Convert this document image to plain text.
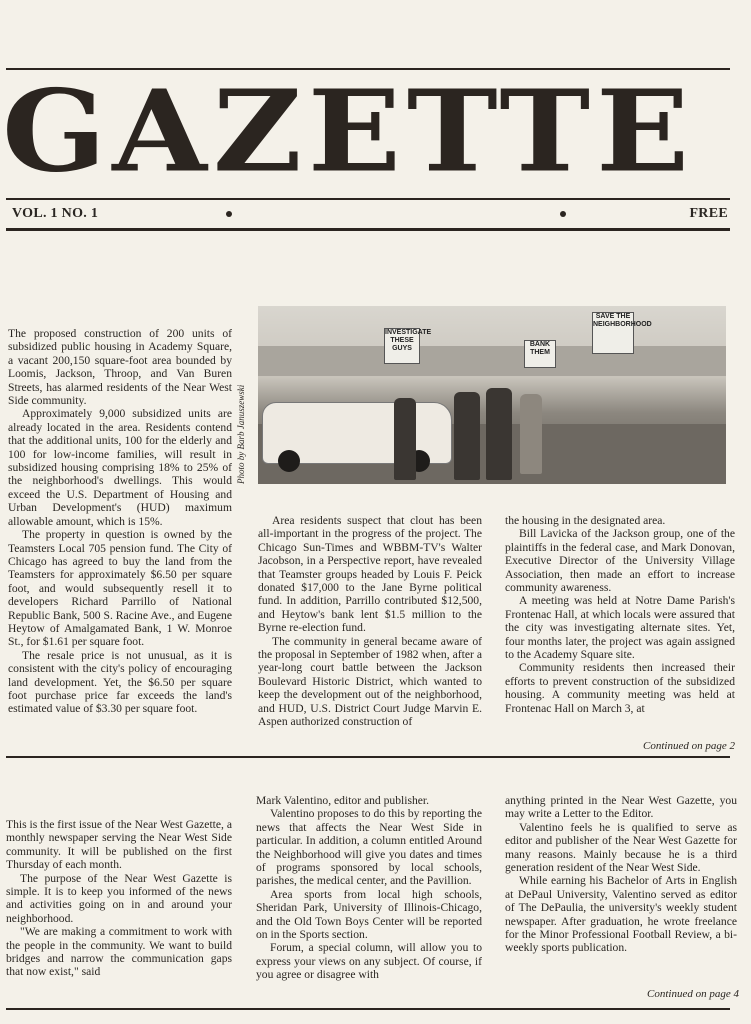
GAZETTE
VOL. 1 NO. 1	FREE

The proposed construction of 200 units of subsidized public housing in Academy Square, a vacant 200,150 square-foot area bounded by Loomis, Jackson, Throop, and Van Buren Streets, has alarmed residents of the Near West Side community.

Approximately 9,000 subsidized units are already located in the area. Residents contend that the additional units, 100 for the elderly and 100 for low-income families, will result in subsidized housing comprising 18% to 25% of the neighborhood's dwellings. This would exceed the U.S. Department of Housing and Urban Development's (HUD) maximum allowable amount, which is 15%.

The property in question is owned by the Teamsters Local 705 pension fund. The City of Chicago has agreed to buy the land from the Teamsters for approximately $6.50 per square foot, and would subsequently resell it to developers Richard Parrillo of National Republic Bank, 500 S. Racine Ave., and Eugene Heytow of Amalgamated Bank, 1 W. Monroe St., for $1.61 per square foot.

The resale price is not unusual, as it is consistent with the city's policy of encouraging land development. Yet, the $6.50 per square foot purchase price far exceeds the land's estimated value of $3.30 per square foot.

Photo by Barb Januszewski
INVESTIGATE THESE GUYS
SAVE THE NEIGHBORHOOD
BANK THEM

Area residents suspect that clout has been all-important in the progress of the project. The Chicago Sun-Times and WBBM-TV's Walter Jacobson, in a Perspective report, have revealed that Teamster groups headed by Louis F. Peick donated $17,000 to the Jane Byrne political fund. In addition, Parrillo contributed $12,500, and Heytow's bank lent $1.5 million to the Byrne re-election fund.

The community in general became aware of the proposal in September of 1982 when, after a year-long court battle between the Jackson Boulevard Historic District, which wanted to keep the development out of the neighborhood, and HUD, U.S. District Court Judge Marvin E. Aspen authorized construction of

the housing in the designated area.

Bill Lavicka of the Jackson group, one of the plaintiffs in the federal case, and Mark Donovan, Executive Director of the University Village Association, then made an effort to increase community awareness.

A meeting was held at Notre Dame Parish's Frontenac Hall, at which locals were assured that the city was investigating alternate sites. Yet, four months later, the project was again assigned to the Academy Square site.

Community residents then increased their efforts to prevent construction of the subsidized housing. A community meeting was held at Frontenac Hall on March 3, at

Continued on page 2

This is the first issue of the Near West Gazette, a monthly newspaper serving the Near West Side community. It will be published on the first Thursday of each month.

The purpose of the Near West Gazette is simple. It is to keep you informed of the news and activities going on in and around your neighborhood.

"We are making a commitment to work with the people in the community. We want to build bridges and narrow the communication gaps that now exist," said

Mark Valentino, editor and publisher.

Valentino proposes to do this by reporting the news that affects the Near West Side in particular. In addition, a column entitled Around the Neighborhood will give you dates and times of programs sponsored by local schools, parishes, the medical center, and the Pavillion.

Area sports from local high schools, Sheridan Park, University of Illinois-Chicago, and the Old Town Boys Center will be reported on in the Sports section.

Forum, a special column, will allow you to express your views on any subject. Of course, if you agree or disagree with

anything printed in the Near West Gazette, you may write a Letter to the Editor.

Valentino feels he is qualified to serve as editor and publisher of the Near West Gazette for many reasons. Mainly because he is a third generation resident of the Near West Side.

While earning his Bachelor of Arts in English at DePaul University, Valentino served as editor of The DePaulia, the university's weekly student newspaper. After graduation, he wrote freelance for the Minor Professional Football Review, a bi-weekly sports publication.

Continued on page 4
